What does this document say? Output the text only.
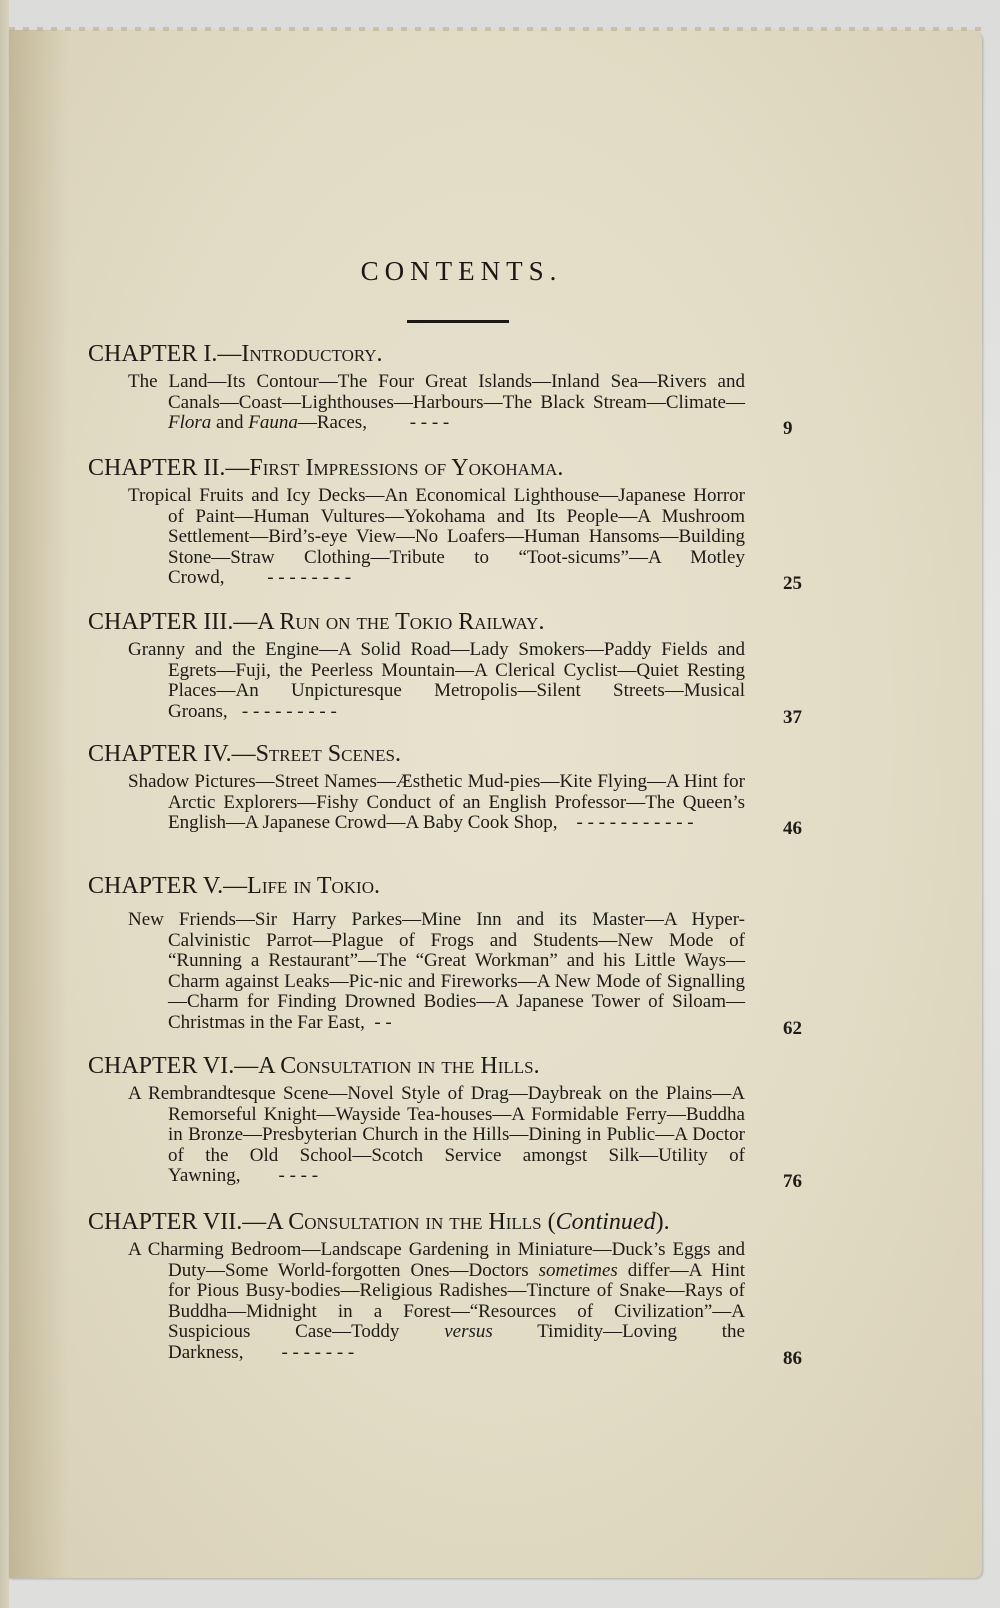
CONTENTS.
CHAPTER I.—Introductory.

The Land—Its Contour—The Four Great Islands—Inland Sea—Rivers and Canals—Coast—Lighthouses—Harbours—The Black Stream—Climate—Flora and Fauna—Races, - - - -	9
CHAPTER II.—First Impressions of Yokohama.

Tropical Fruits and Icy Decks—An Economical Lighthouse—Japanese Horror of Paint—Human Vultures—Yokohama and Its People—A Mushroom Settlement—Bird’s-eye View—No Loafers—Human Hansoms—Building Stone—Straw Clothing—Tribute to “Toot-sicums”—A Motley Crowd, - - - - - - - -	25
CHAPTER III.—A Run on the Tokio Railway.

Granny and the Engine—A Solid Road—Lady Smokers—Paddy Fields and Egrets—Fuji, the Peerless Mountain—A Clerical Cyclist—Quiet Resting Places—An Unpicturesque Metropolis—Silent Streets—Musical Groans, - - - - - - - - -	37
CHAPTER IV.—Street Scenes.

Shadow Pictures—Street Names—Æsthetic Mud-pies—Kite Flying—A Hint for Arctic Explorers—Fishy Conduct of an English Professor—The Queen’s English—A Japanese Crowd—A Baby Cook Shop, - - - - - - - - - - -	46
CHAPTER V.—Life in Tokio.

New Friends—Sir Harry Parkes—Mine Inn and its Master—A Hyper-Calvinistic Parrot—Plague of Frogs and Students—New Mode of “Running a Restaurant”—The “Great Workman” and his Little Ways—Charm against Leaks—Pic-nic and Fireworks—A New Mode of Signalling—Charm for Finding Drowned Bodies—A Japanese Tower of Siloam—Christmas in the Far East, - -	62
CHAPTER VI.—A Consultation in the Hills.

A Rembrandtesque Scene—Novel Style of Drag—Daybreak on the Plains—A Remorseful Knight—Wayside Tea-houses—A Formidable Ferry—Buddha in Bronze—Presbyterian Church in the Hills—Dining in Public—A Doctor of the Old School—Scotch Service amongst Silk—Utility of Yawning, - - - -	76
CHAPTER VII.—A Consultation in the Hills (Continued).

A Charming Bedroom—Landscape Gardening in Miniature—Duck’s Eggs and Duty—Some World-forgotten Ones—Doctors sometimes differ—A Hint for Pious Busy-bodies—Religious Radishes—Tincture of Snake—Rays of Buddha—Midnight in a Forest—“Resources of Civilization”—A Suspicious Case—Toddy versus Timidity—Loving the Darkness, - - - - - - -	86
